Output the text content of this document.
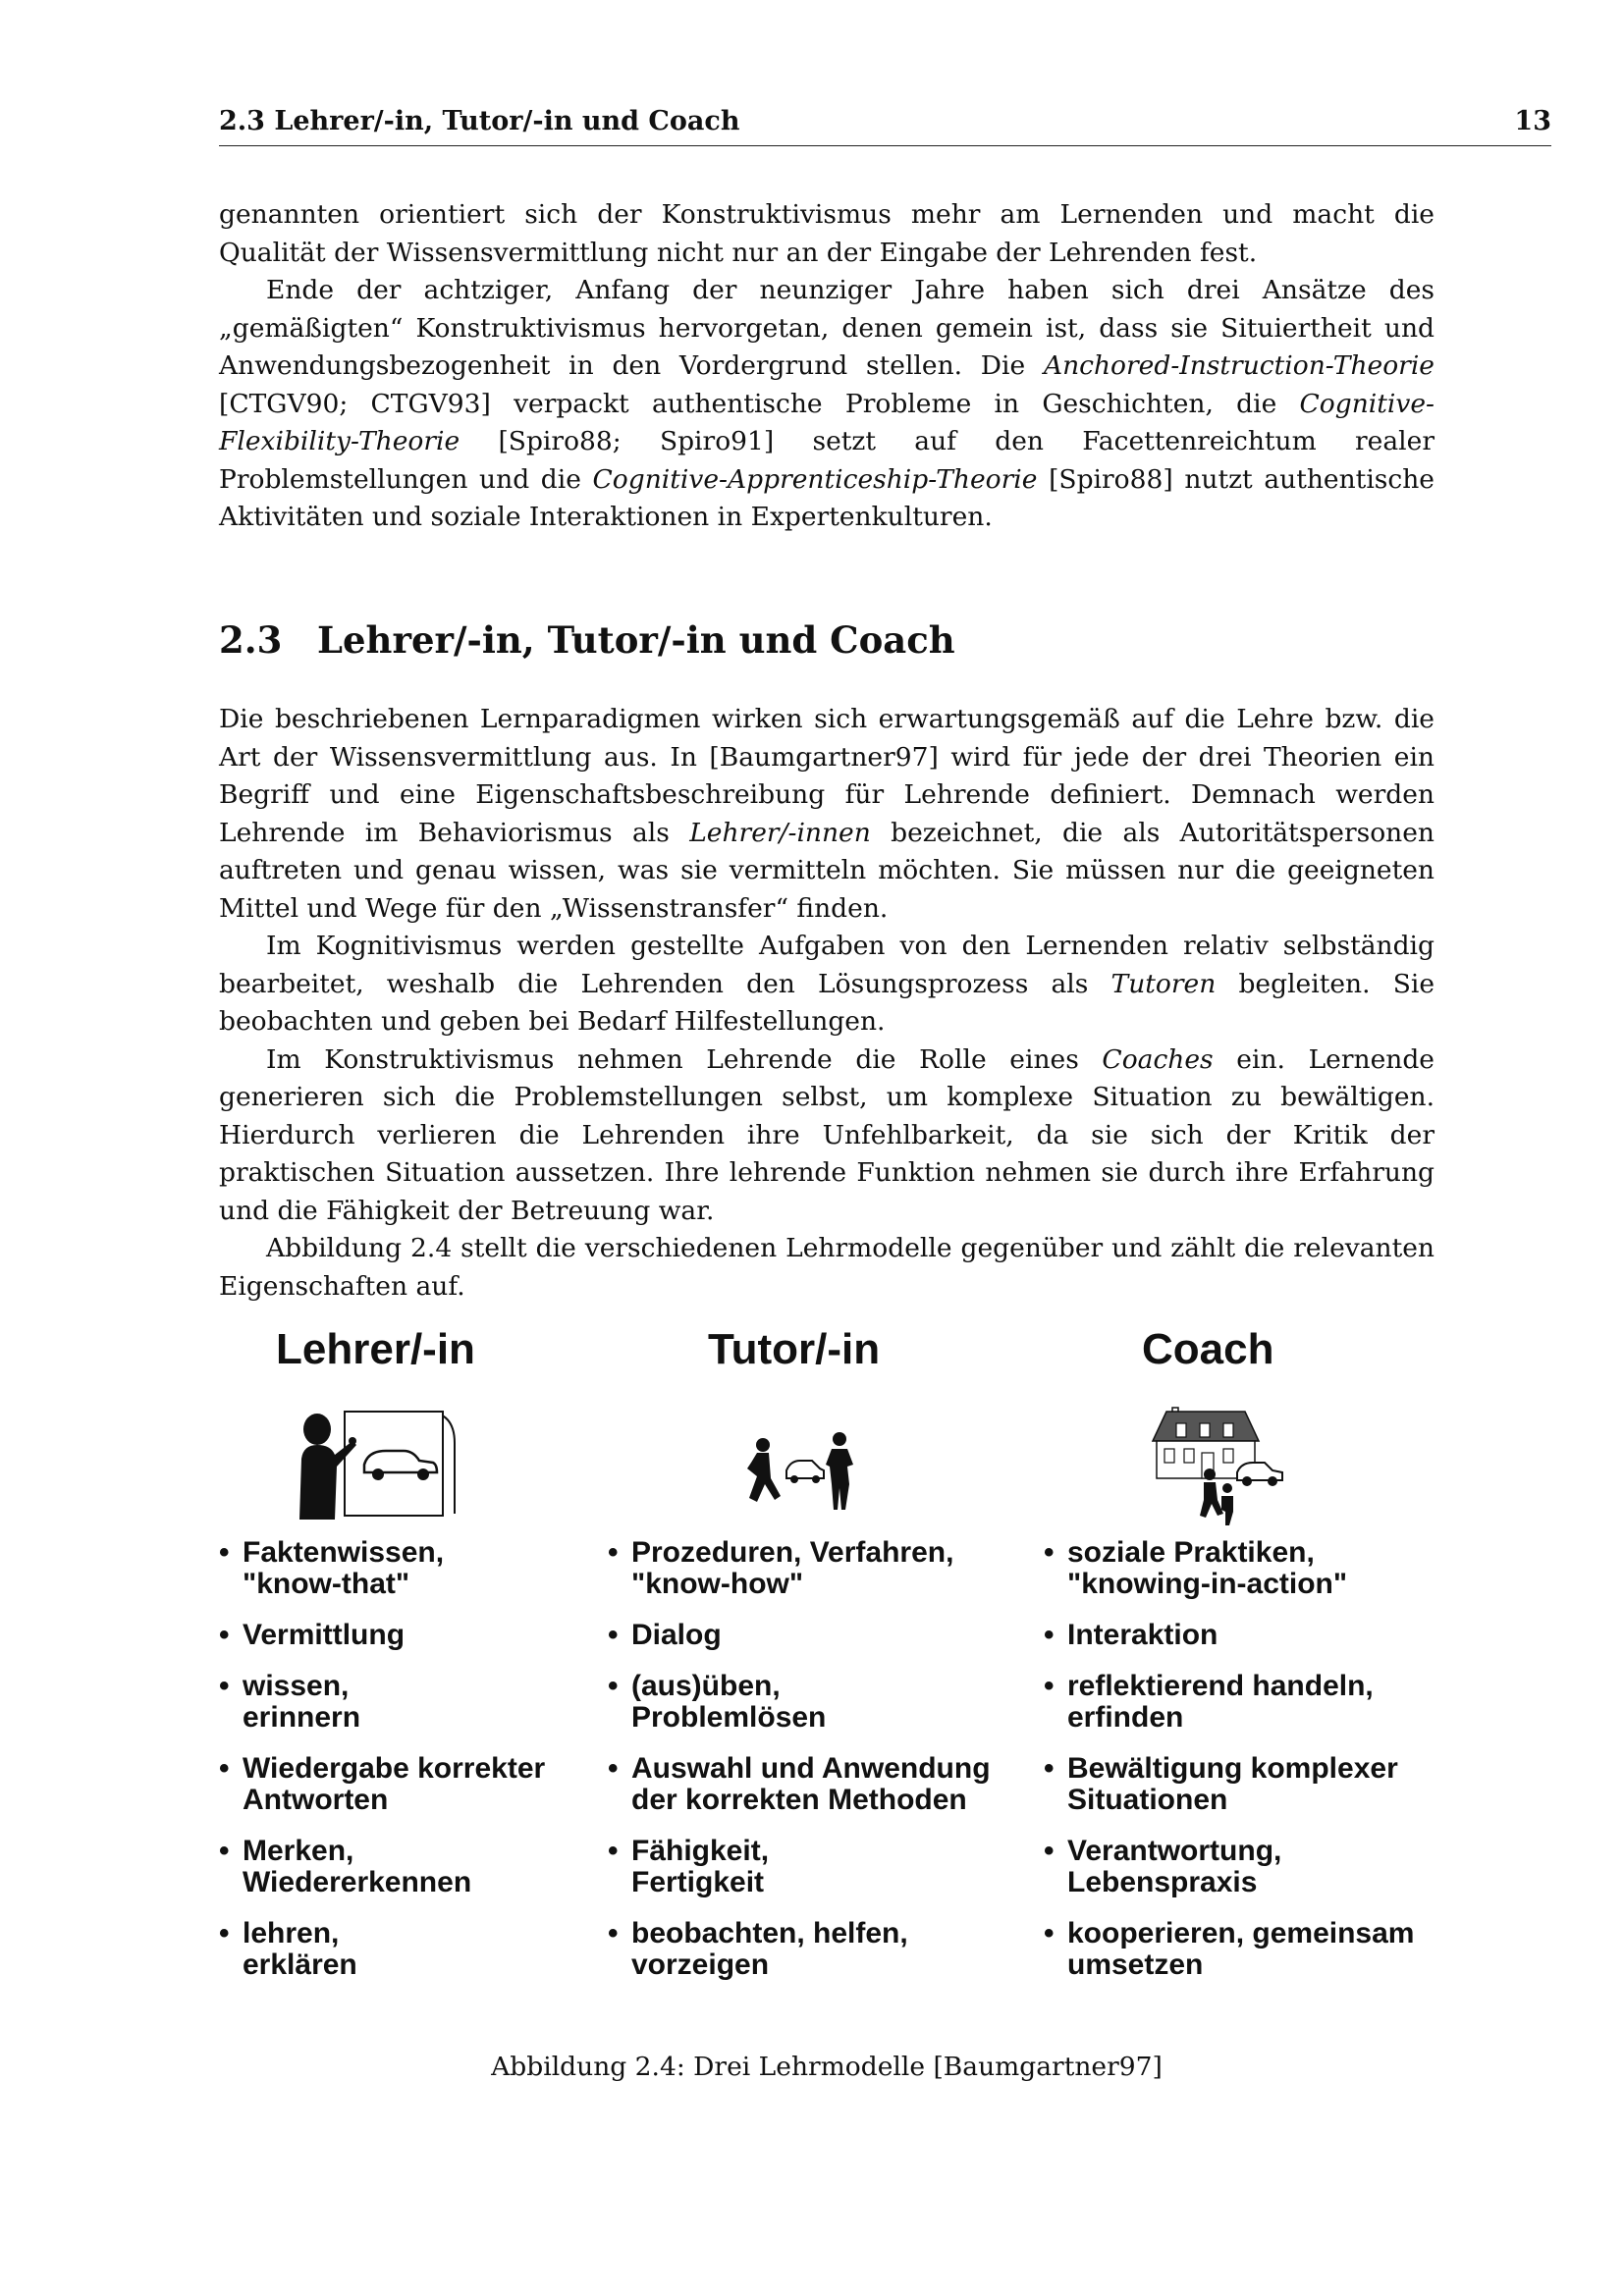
2.3 Lehrer/-in, Tutor/-in und Coach	13

genannten orientiert sich der Konstruktivismus mehr am Lernenden und macht die Qualität der Wissensvermittlung nicht nur an der Eingabe der Lehrenden fest.

Ende der achtziger, Anfang der neunziger Jahre haben sich drei Ansätze des „gemäßigten“ Konstruktivismus hervorgetan, denen gemein ist, dass sie Situiertheit und Anwendungsbezogenheit in den Vordergrund stellen. Die Anchored-Instruction-Theorie [CTGV90; CTGV93] verpackt authentische Probleme in Geschichten, die Cognitive-Flexibility-Theorie [Spiro88; Spiro91] setzt auf den Facettenreichtum realer Problemstellungen und die Cognitive-Apprenticeship-Theorie [Spiro88] nutzt authentische Aktivitäten und soziale Interaktionen in Expertenkulturen.

2.3 Lehrer/-in, Tutor/-in und Coach

Die beschriebenen Lernparadigmen wirken sich erwartungsgemäß auf die Lehre bzw. die Art der Wissensvermittlung aus. In [Baumgartner97] wird für jede der drei Theorien ein Begriff und eine Eigenschaftsbeschreibung für Lehrende definiert. Demnach werden Lehrende im Behaviorismus als Lehrer/-innen bezeichnet, die als Autoritätspersonen auftreten und genau wissen, was sie vermitteln möchten. Sie müssen nur die geeigneten Mittel und Wege für den „Wissenstransfer“ finden.

Im Kognitivismus werden gestellte Aufgaben von den Lernenden relativ selbständig bearbeitet, weshalb die Lehrenden den Lösungsprozess als Tutoren begleiten. Sie beobachten und geben bei Bedarf Hilfestellungen.

Im Konstruktivismus nehmen Lehrende die Rolle eines Coaches ein. Lernende generieren sich die Problemstellungen selbst, um komplexe Situation zu bewältigen. Hierdurch verlieren die Lehrenden ihre Unfehlbarkeit, da sie sich der Kritik der praktischen Situation aussetzen. Ihre lehrende Funktion nehmen sie durch ihre Erfahrung und die Fähigkeit der Betreuung war.

Abbildung 2.4 stellt die verschiedenen Lehrmodelle gegenüber und zählt die relevanten Eigenschaften auf.

Lehrer/-in
• Faktenwissen, "know-that"
• Vermittlung
• wissen, erinnern
• Wiedergabe korrekter Antworten
• Merken, Wiedererkennen
• lehren, erklären
Tutor/-in
• Prozeduren, Verfahren, "know-how"
• Dialog
• (aus)üben, Problemlösen
• Auswahl und Anwendung der korrekten Methoden
• Fähigkeit, Fertigkeit
• beobachten, helfen, vorzeigen
Coach
• soziale Praktiken, "knowing-in-action"
• Interaktion
• reflektierend handeln, erfinden
• Bewältigung komplexer Situationen
• Verantwortung, Lebenspraxis
• kooperieren, gemeinsam umsetzen
Abbildung 2.4: Drei Lehrmodelle [Baumgartner97]
